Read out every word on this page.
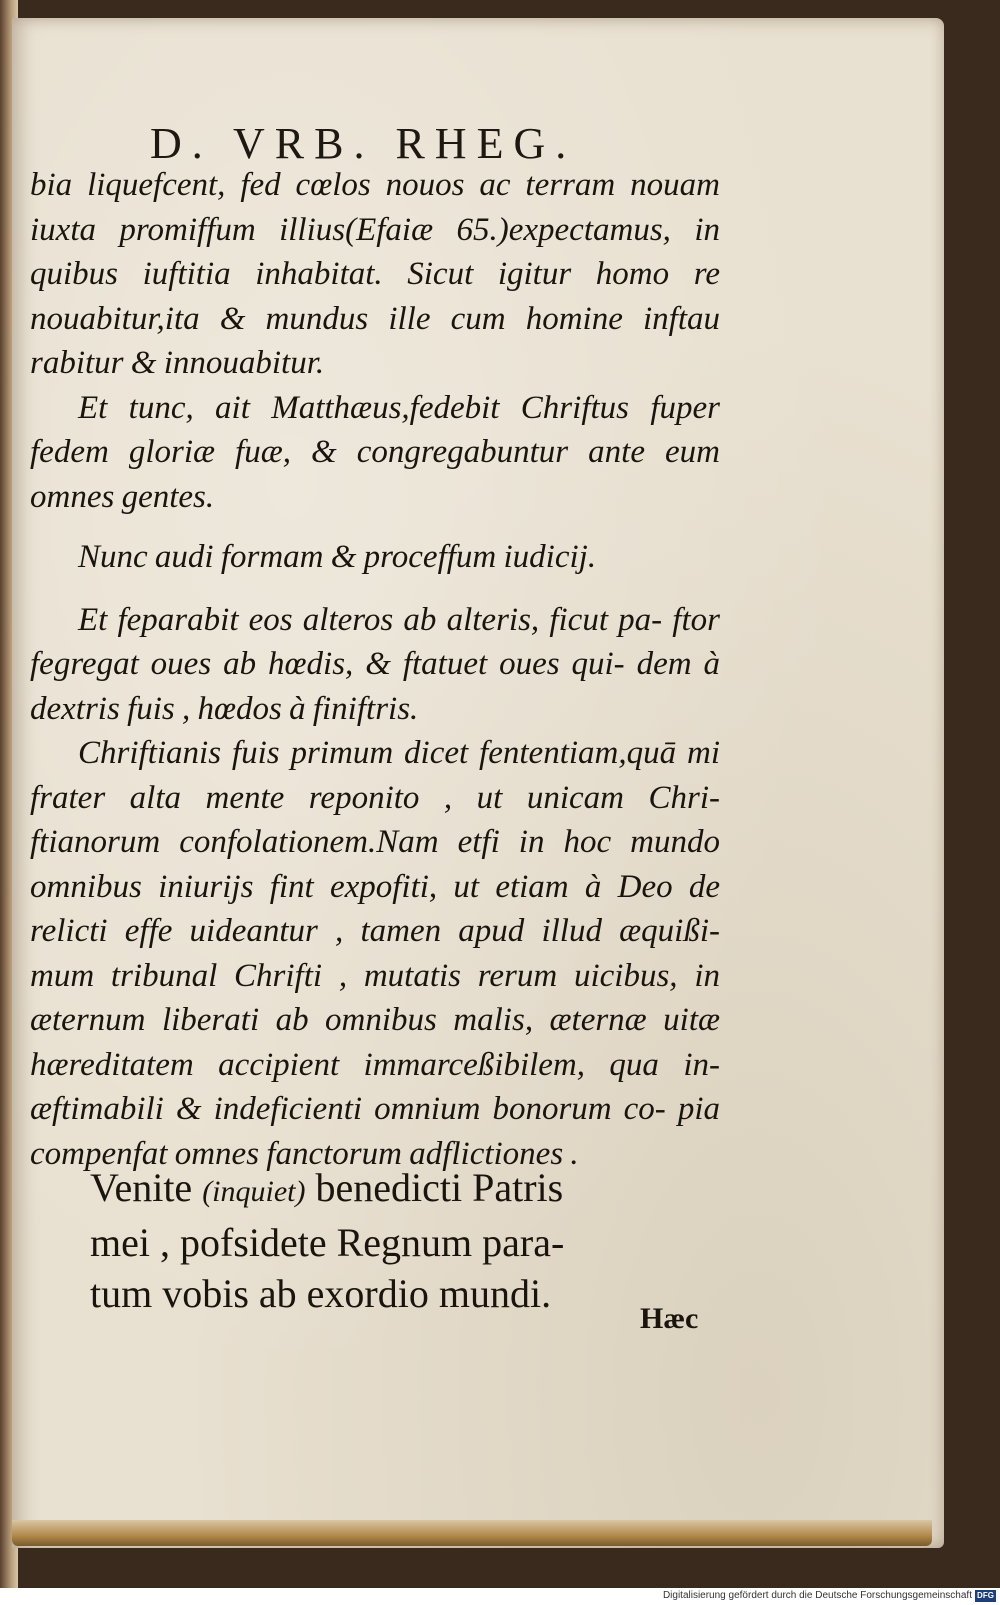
D. VRB. RHEG.

bia liquefcent, fed cœlos nouos ac terram nouam iuxta promiffum illius(Efaiæ 65.)expectamus, in quibus iuftitia inhabitat. Sicut igitur homo re nouabitur,ita & mundus ille cum homine inftau rabitur & innouabitur.

Et tunc, ait Matthæus,fedebit Chriftus fuper fedem gloriæ fuæ, & congregabuntur ante eum omnes gentes.

Nunc audi formam & proceffum iudicij.

Et feparabit eos alteros ab alteris, ficut pa- ftor fegregat oues ab hœdis, & ftatuet oues qui- dem à dextris fuis , hœdos à finiftris.

Chriftianis fuis primum dicet fententiam,quā mi frater alta mente reponito , ut unicam Chri- ftianorum confolationem.Nam etfi in hoc mundo omnibus iniurijs fint expofiti, ut etiam à Deo de relicti effe uideantur , tamen apud illud æquißi- mum tribunal Chrifti , mutatis rerum uicibus, in æternum liberati ab omnibus malis, æternæ uitæ hæreditatem accipient immarceßibilem, qua in- æftimabili & indeficienti omnium bonorum co- pia compenfat omnes fanctorum adflictiones .

Venite (inquiet) benedicti Patris

mei , pofsidete Regnum para-

tum vobis ab exordio mundi.

Hæc
Digitalisierung gefördert durch die Deutsche Forschungsgemeinschaft DFG
